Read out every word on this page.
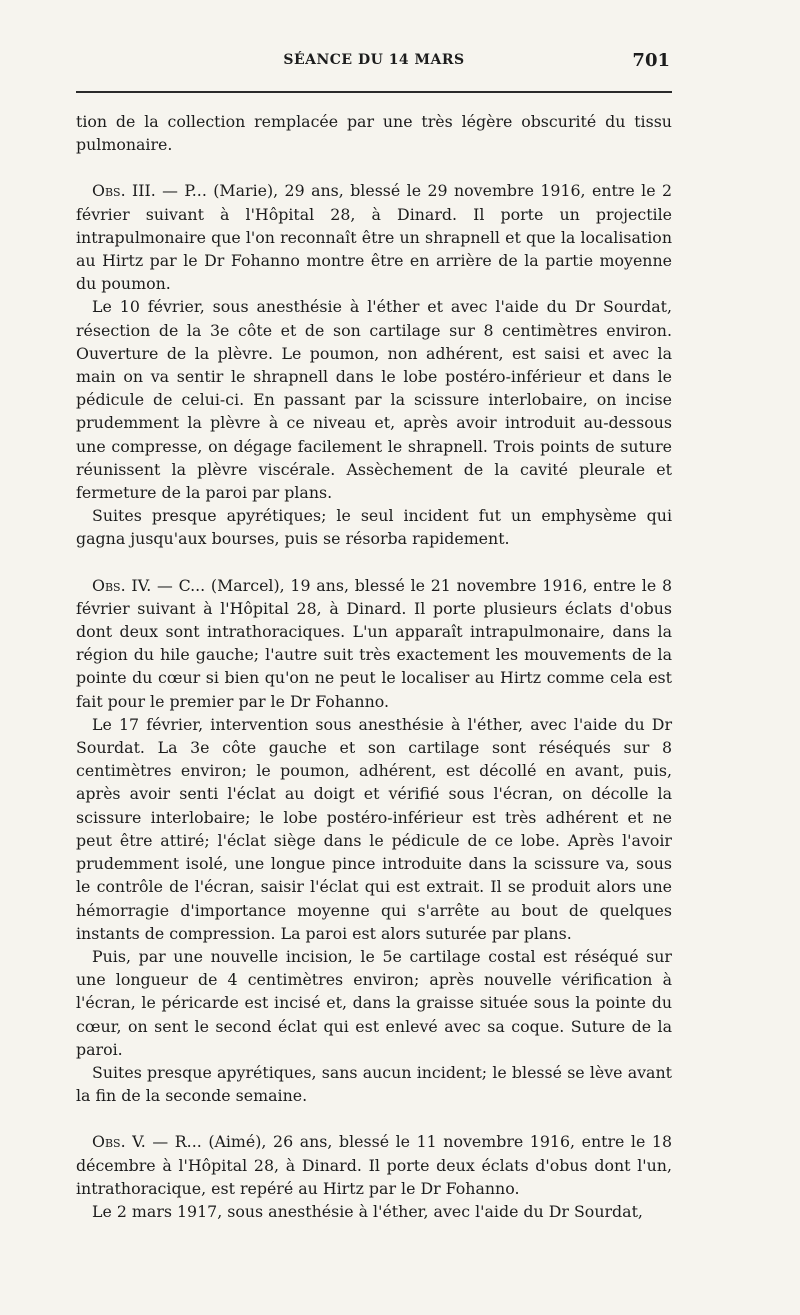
SÉANCE DU 14 MARS	701

tion de la collection remplacée par une très légère obscurité du tissu pulmonaire.

Obs. III. — P... (Marie), 29 ans, blessé le 29 novembre 1916, entre le 2 février suivant à l'Hôpital 28, à Dinard. Il porte un projectile intrapulmonaire que l'on reconnaît être un shrapnell et que la localisation au Hirtz par le Dr Fohanno montre être en arrière de la partie moyenne du poumon.

Le 10 février, sous anesthésie à l'éther et avec l'aide du Dr Sourdat, résection de la 3e côte et de son cartilage sur 8 centimètres environ. Ouverture de la plèvre. Le poumon, non adhérent, est saisi et avec la main on va sentir le shrapnell dans le lobe postéro-inférieur et dans le pédicule de celui-ci. En passant par la scissure interlobaire, on incise prudemment la plèvre à ce niveau et, après avoir introduit au-dessous une compresse, on dégage facilement le shrapnell. Trois points de suture réunissent la plèvre viscérale. Assèchement de la cavité pleurale et fermeture de la paroi par plans.

Suites presque apyrétiques; le seul incident fut un emphysème qui gagna jusqu'aux bourses, puis se résorba rapidement.

Obs. IV. — C... (Marcel), 19 ans, blessé le 21 novembre 1916, entre le 8 février suivant à l'Hôpital 28, à Dinard. Il porte plusieurs éclats d'obus dont deux sont intrathoraciques. L'un apparaît intrapulmonaire, dans la région du hile gauche; l'autre suit très exactement les mouvements de la pointe du cœur si bien qu'on ne peut le localiser au Hirtz comme cela est fait pour le premier par le Dr Fohanno.

Le 17 février, intervention sous anesthésie à l'éther, avec l'aide du Dr Sourdat. La 3e côte gauche et son cartilage sont réséqués sur 8 centimètres environ; le poumon, adhérent, est décollé en avant, puis, après avoir senti l'éclat au doigt et vérifié sous l'écran, on décolle la scissure interlobaire; le lobe postéro-inférieur est très adhérent et ne peut être attiré; l'éclat siège dans le pédicule de ce lobe. Après l'avoir prudemment isolé, une longue pince introduite dans la scissure va, sous le contrôle de l'écran, saisir l'éclat qui est extrait. Il se produit alors une hémorragie d'importance moyenne qui s'arrête au bout de quelques instants de compression. La paroi est alors suturée par plans.

Puis, par une nouvelle incision, le 5e cartilage costal est réséqué sur une longueur de 4 centimètres environ; après nouvelle vérification à l'écran, le péricarde est incisé et, dans la graisse située sous la pointe du cœur, on sent le second éclat qui est enlevé avec sa coque. Suture de la paroi.

Suites presque apyrétiques, sans aucun incident; le blessé se lève avant la fin de la seconde semaine.

Obs. V. — R... (Aimé), 26 ans, blessé le 11 novembre 1916, entre le 18 décembre à l'Hôpital 28, à Dinard. Il porte deux éclats d'obus dont l'un, intrathoracique, est repéré au Hirtz par le Dr Fohanno.

Le 2 mars 1917, sous anesthésie à l'éther, avec l'aide du Dr Sourdat,
